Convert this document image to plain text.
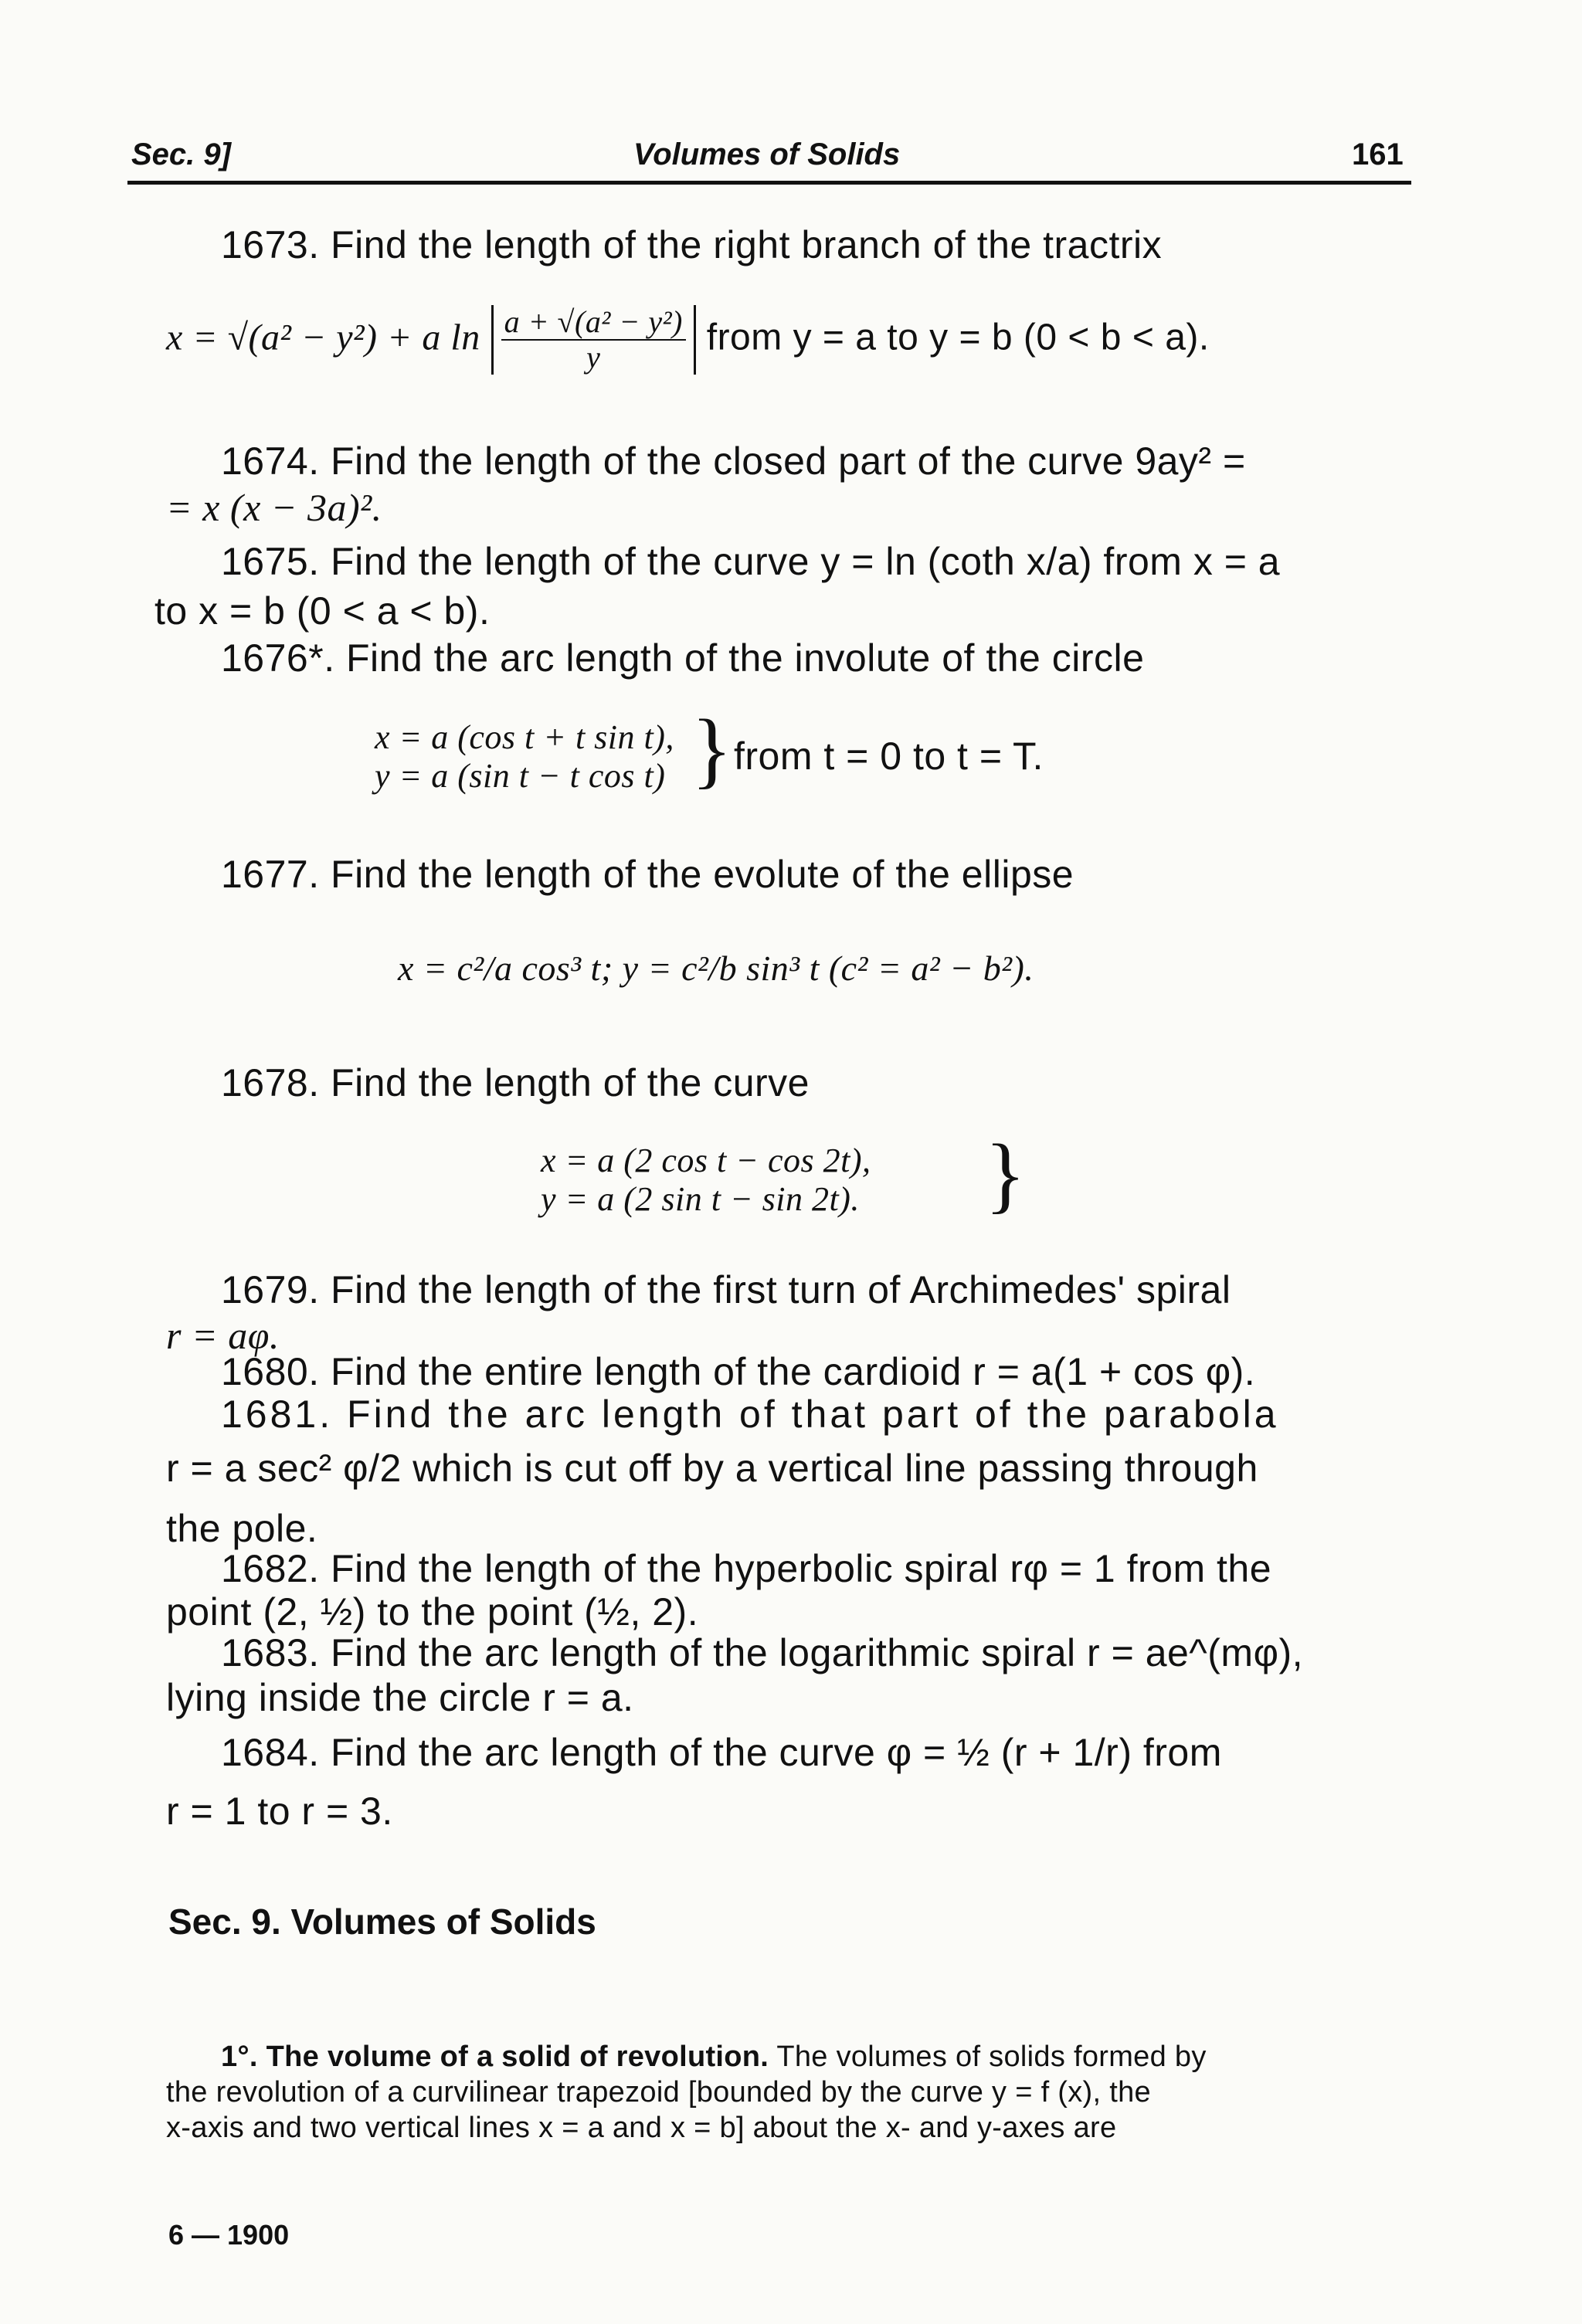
Sec. 9]	Volumes of Solids	161
1673. Find the length of the right branch of the tractrix
x = √(a² − y²) + a $\ln \frac{\text{a + √(a² − y²)}}{y}$ from y = a to y = b (0 < b < a).
1674. Find the length of the closed part of the curve 9ay² =
= x (x − 3a)².
1675. Find the length of the curve y = ln (coth x/a) from x = a
to x = b (0 < a < b).
1676*. Find the arc length of the involute of the circle
x = a (cos t + t sin t),
y = a (sin t − t cos t) } from t = 0 to t = T.
1677. Find the length of the evolute of the ellipse
x = c²/a cos³ t; y = c²/b sin³ t (c² = a² − b²).
1678. Find the length of the curve
x = a (2 cos t − cos 2t),
y = a (2 sin t − sin 2t). }
1679. Find the length of the first turn of Archimedes' spiral
r = aφ.
1680. Find the entire length of the cardioid r = a(1 + cos φ).
1681. Find the arc length of that part of the parabola
r = a sec² φ/2 which is cut off by a vertical line passing through
the pole.
1682. Find the length of the hyperbolic spiral rφ = 1 from the
point (2, ½) to the point (½, 2).
1683. Find the arc length of the logarithmic spiral r = ae^(mφ),
lying inside the circle r = a.
1684. Find the arc length of the curve φ = ½ (r + 1/r) from
r = 1 to r = 3.
Sec. 9. Volumes of Solids
1°. The volume of a solid of revolution. The volumes of solids formed by
the revolution of a curvilinear trapezoid [bounded by the curve y = f (x), the
x-axis and two vertical lines x = a and x = b] about the x- and y-axes are
6 — 1900
